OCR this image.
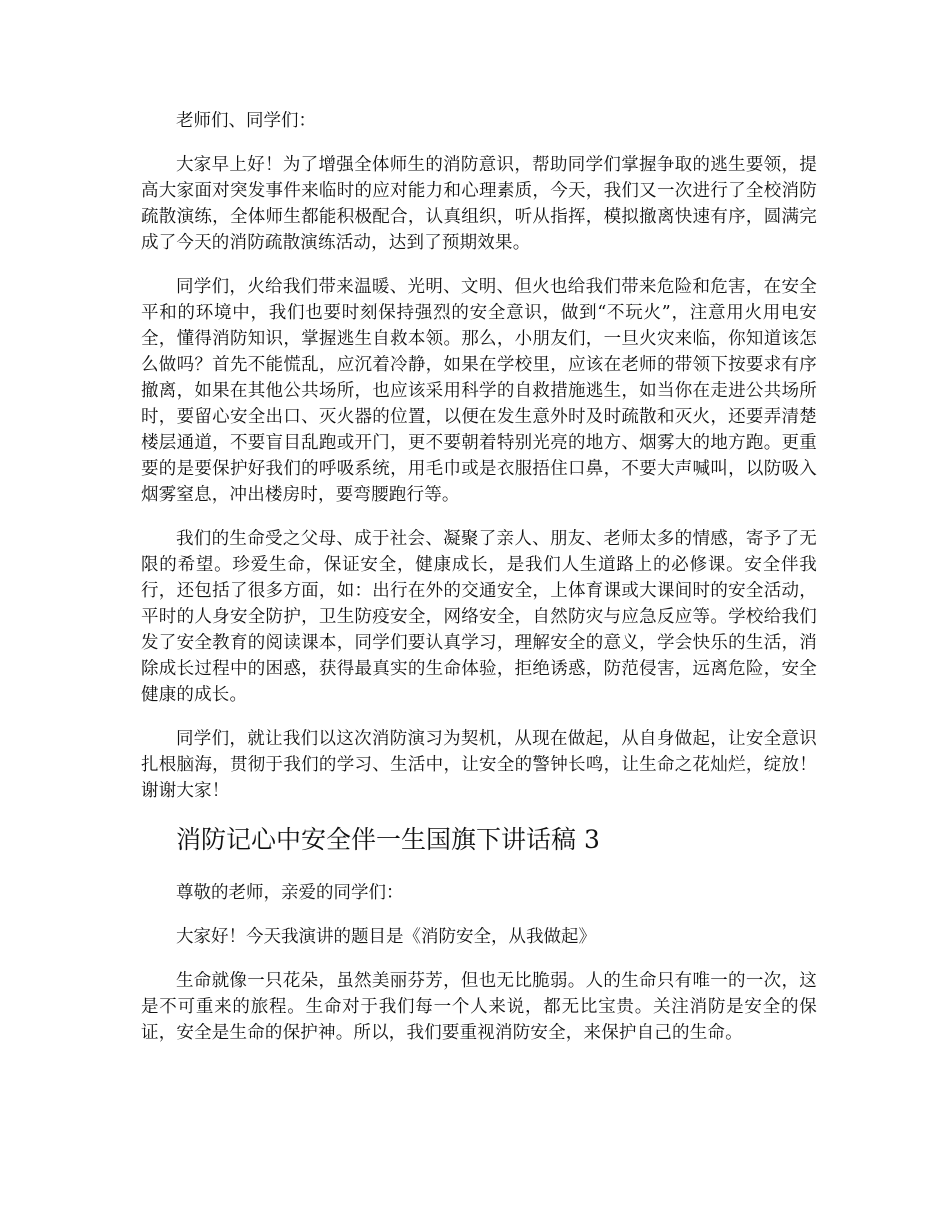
老师们、同学们：

大家早上好！为了增强全体师生的消防意识，帮助同学们掌握争取的逃生要领，提高大家面对突发事件来临时的应对能力和心理素质，今天，我们又一次进行了全校消防疏散演练，全体师生都能积极配合，认真组织，听从指挥，模拟撤离快速有序，圆满完成了今天的消防疏散演练活动，达到了预期效果。

同学们，火给我们带来温暖、光明、文明、但火也给我们带来危险和危害，在安全平和的环境中，我们也要时刻保持强烈的安全意识，做到“不玩火”，注意用火用电安全，懂得消防知识，掌握逃生自救本领。那么，小朋友们，一旦火灾来临，你知道该怎么做吗？首先不能慌乱，应沉着冷静，如果在学校里，应该在老师的带领下按要求有序撤离，如果在其他公共场所，也应该采用科学的自救措施逃生，如当你在走进公共场所时，要留心安全出口、灭火器的位置，以便在发生意外时及时疏散和灭火，还要弄清楚楼层通道，不要盲目乱跑或开门，更不要朝着特别光亮的地方、烟雾大的地方跑。更重要的是要保护好我们的呼吸系统，用毛巾或是衣服捂住口鼻，不要大声喊叫，以防吸入烟雾窒息，冲出楼房时，要弯腰跑行等。

我们的生命受之父母、成于社会、凝聚了亲人、朋友、老师太多的情感，寄予了无限的希望。珍爱生命，保证安全，健康成长，是我们人生道路上的必修课。安全伴我行，还包括了很多方面，如：出行在外的交通安全，上体育课或大课间时的安全活动，平时的人身安全防护，卫生防疫安全，网络安全，自然防灾与应急反应等。学校给我们发了安全教育的阅读课本，同学们要认真学习，理解安全的意义，学会快乐的生活，消除成长过程中的困惑，获得最真实的生命体验，拒绝诱惑，防范侵害，远离危险，安全健康的成长。

同学们，就让我们以这次消防演习为契机，从现在做起，从自身做起，让安全意识扎根脑海，贯彻于我们的学习、生活中，让安全的警钟长鸣，让生命之花灿烂，绽放！谢谢大家！

消防记心中安全伴一生国旗下讲话稿 3

尊敬的老师，亲爱的同学们：

大家好！今天我演讲的题目是《消防安全，从我做起》

生命就像一只花朵，虽然美丽芬芳，但也无比脆弱。人的生命只有唯一的一次，这是不可重来的旅程。生命对于我们每一个人来说，都无比宝贵。关注消防是安全的保证，安全是生命的保护神。所以，我们要重视消防安全，来保护自己的生命。
